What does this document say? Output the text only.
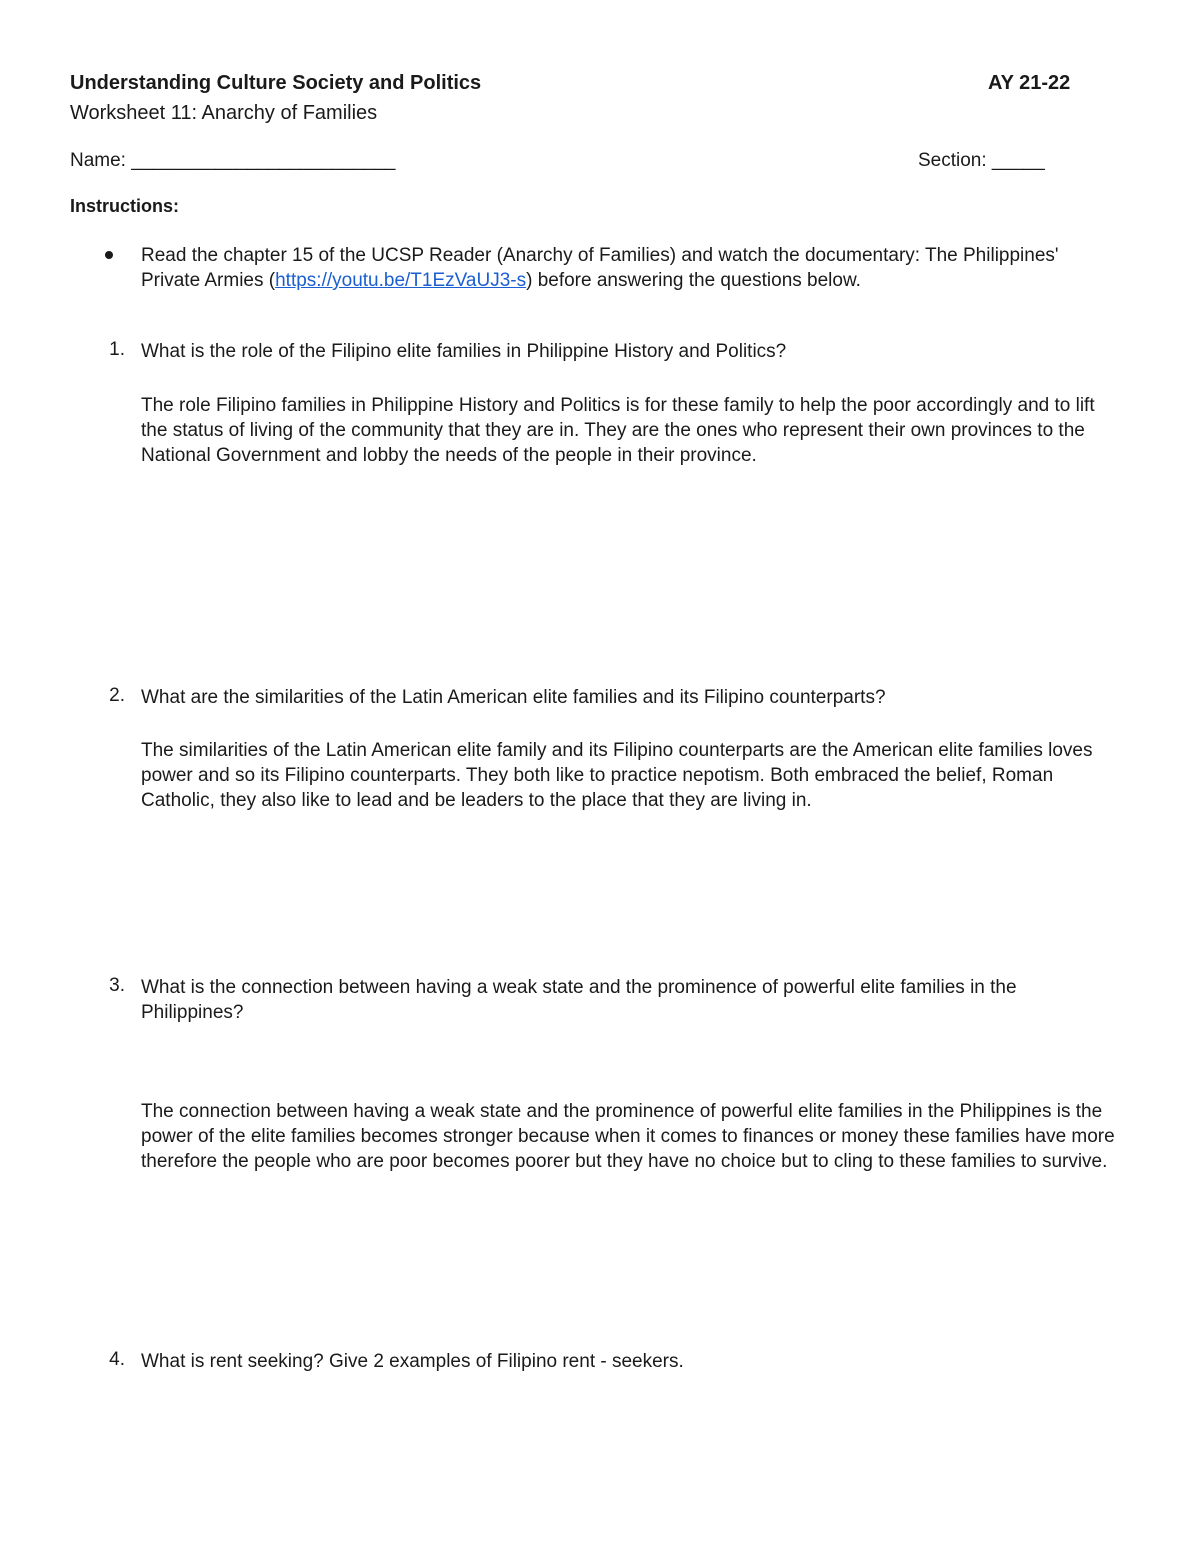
Understanding Culture Society and Politics	AY 21-22
Worksheet 11: Anarchy of Families
Name: _________________________	Section: _____
Instructions:
Read the chapter 15 of the UCSP Reader (Anarchy of Families) and watch the documentary: The Philippines' Private Armies (https://youtu.be/T1EzVaUJ3-s) before answering the questions below.
1. What is the role of the Filipino elite families in Philippine History and Politics?
The role Filipino families in Philippine History and Politics is for these family to help the poor accordingly and to lift the status of living of the community that they are in. They are the ones who represent their own provinces to the National Government and lobby the needs of the people in their province.
2. What are the similarities of the Latin American elite families and its Filipino counterparts?
The similarities of the Latin American elite family and its Filipino counterparts are the American elite families loves power and so its Filipino counterparts. They both like to practice nepotism. Both embraced the belief, Roman Catholic, they also like to lead and be leaders to the place that they are living in.
3. What is the connection between having a weak state and the prominence of powerful elite families in the Philippines?
The connection between having a weak state and the prominence of powerful elite families in the Philippines is the power of the elite families becomes stronger because when it comes to finances or money these families have more therefore the people who are poor becomes poorer but they have no choice but to cling to these families to survive.
4. What is rent seeking? Give 2 examples of Filipino rent - seekers.
